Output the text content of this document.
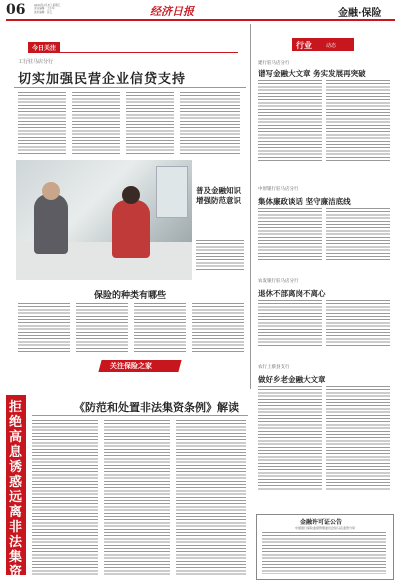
06	2020年1月3日 星期五
责任编辑：王小华
美术编辑：张玉	经济日报	金融·保险
今日关注
工行驻马店分行
切实加强民营企业信贷支持
普及金融知识
增强防范意识
保险的种类有哪些
关注保险之家
行业	动态
建行驻马店分行
谱写金融大文章 务实发展再突破
中原银行驻马店分行
集体廉政谈话 坚守廉洁底线
农发银行驻马店分行
退休不部离岗不离心
农行上蔡县支行
做好乡老金融大文章
拒绝高息诱惑 远离非法集资
《防范和处置非法集资条例》解读
金融许可证公告
中国银行保险监督管理委员会驻马店监管分局
